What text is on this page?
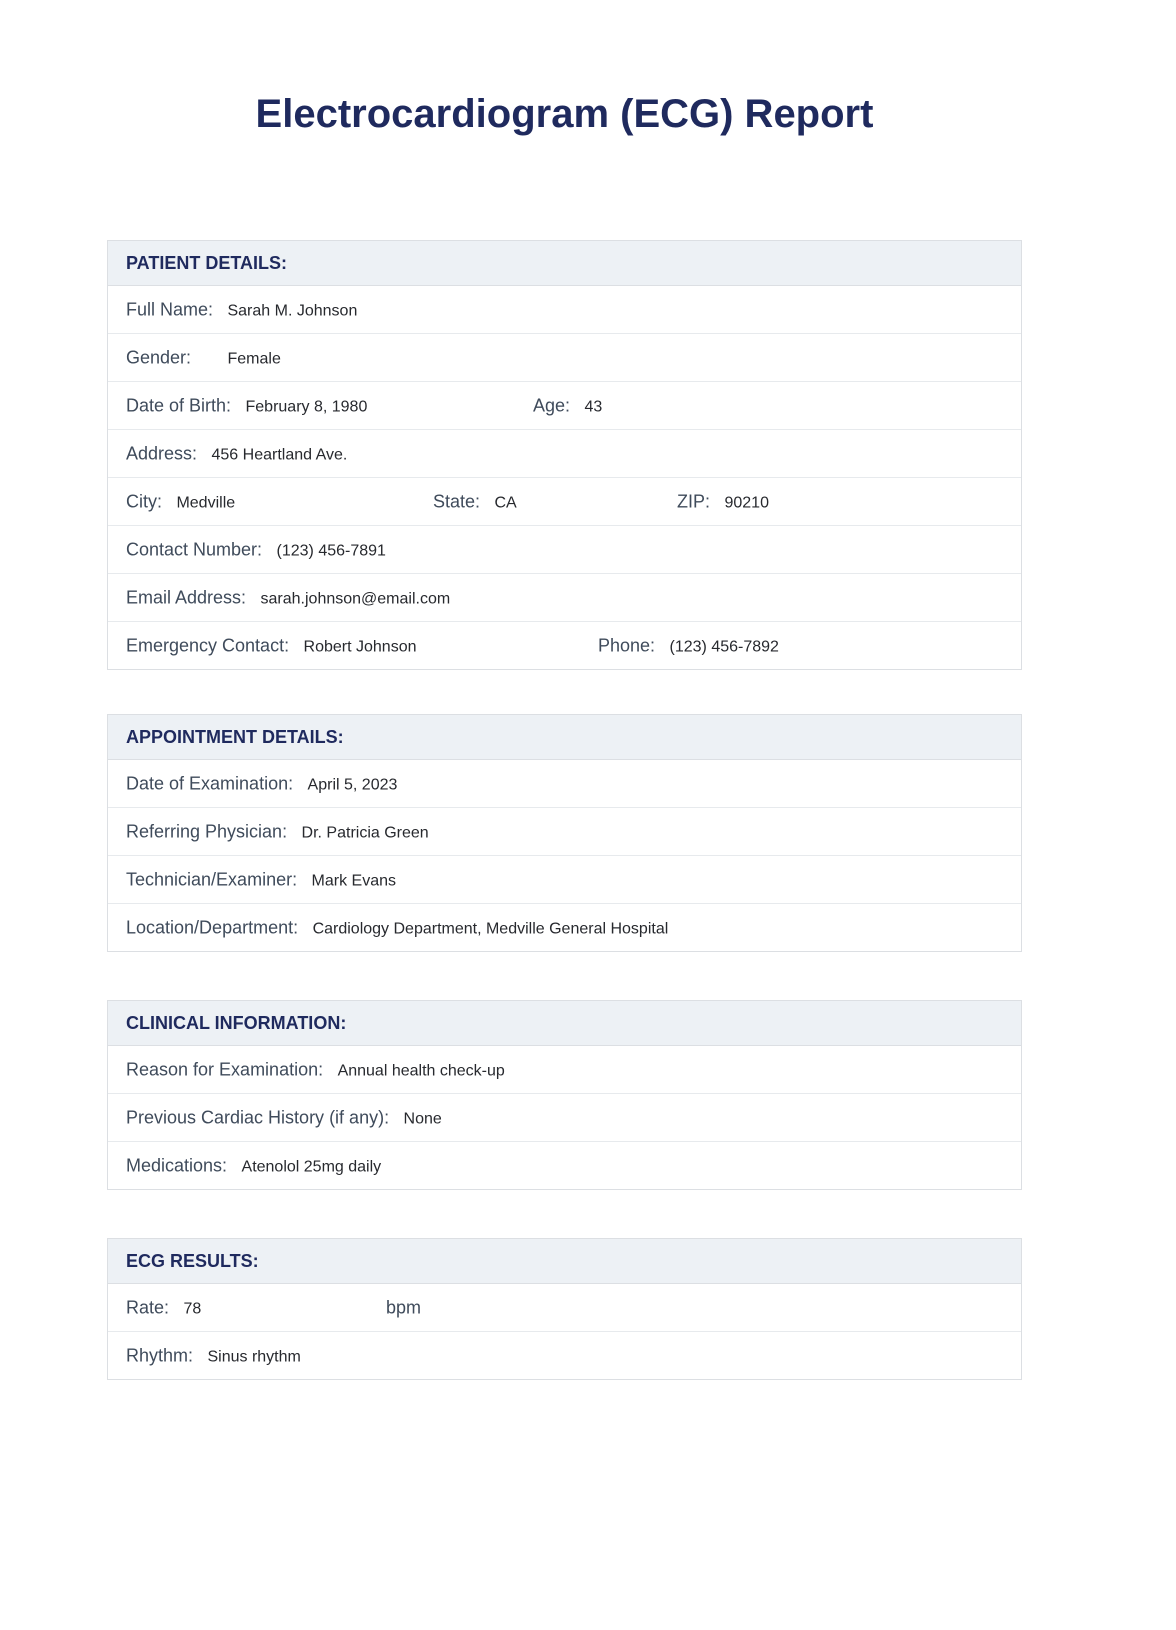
Electrocardiogram (ECG) Report
PATIENT DETAILS:
Full Name: Sarah M. Johnson
Gender: Female
Date of Birth: February 8, 1980	Age: 43
Address: 456 Heartland Ave.
City: Medville	State: CA	ZIP: 90210
Contact Number: (123) 456-7891
Email Address: sarah.johnson@email.com
Emergency Contact: Robert Johnson	Phone: (123) 456-7892
APPOINTMENT DETAILS:
Date of Examination: April 5, 2023
Referring Physician: Dr. Patricia Green
Technician/Examiner: Mark Evans
Location/Department: Cardiology Department, Medville General Hospital
CLINICAL INFORMATION:
Reason for Examination: Annual health check-up
Previous Cardiac History (if any): None
Medications: Atenolol 25mg daily
ECG RESULTS:
Rate: 78	bpm
Rhythm: Sinus rhythm
